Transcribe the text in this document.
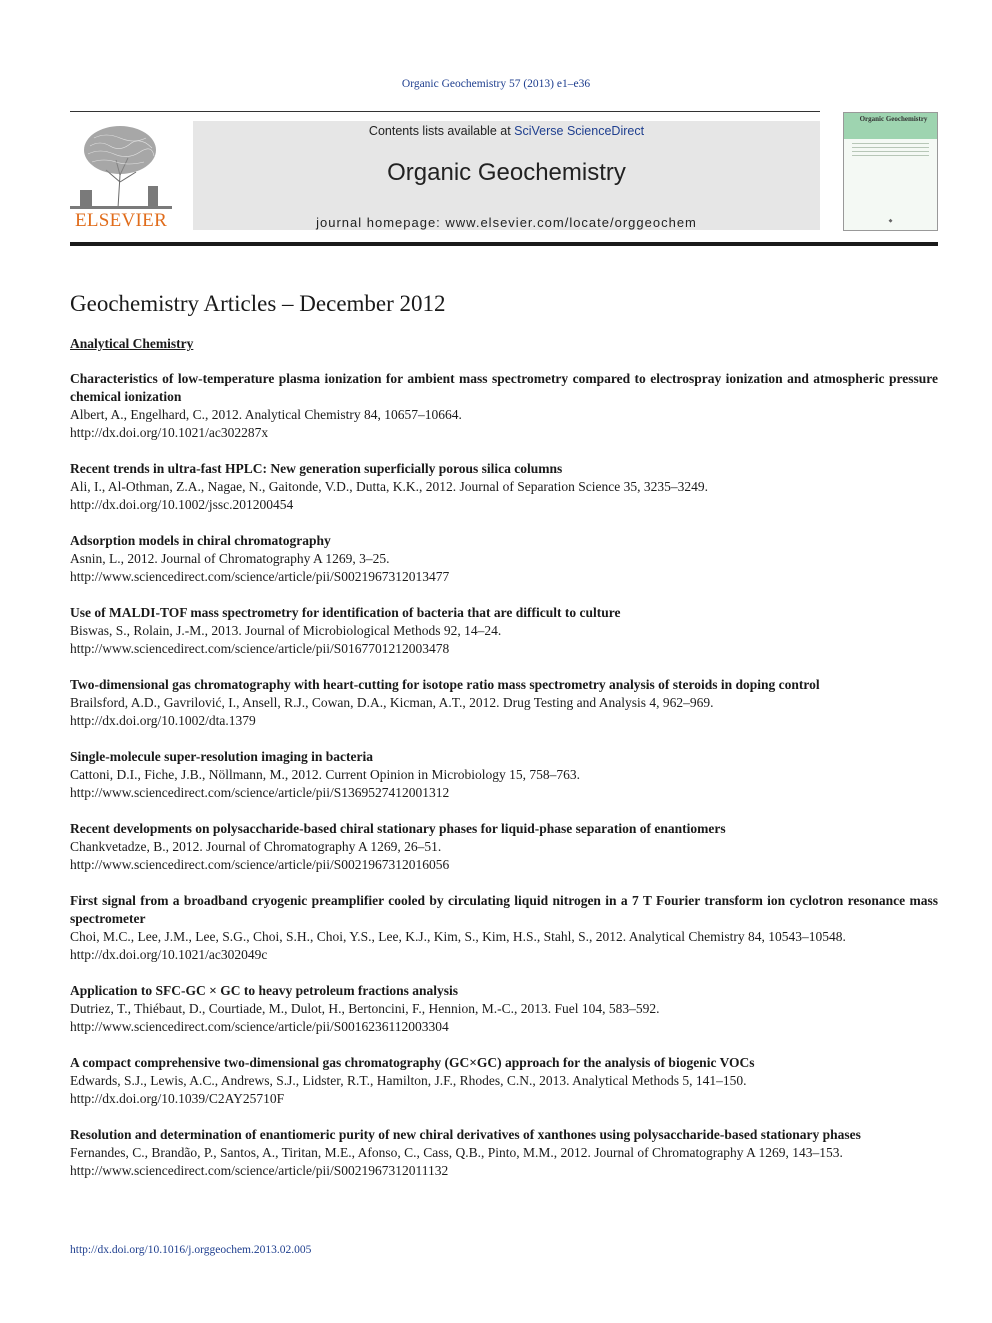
Organic Geochemistry 57 (2013) e1–e36
ELSEVIER
Contents lists available at SciVerse ScienceDirect
Organic Geochemistry
journal homepage: www.elsevier.com/locate/orggeochem
Organic Geochemistry
◆
Geochemistry Articles – December 2012
Analytical Chemistry
Characteristics of low-temperature plasma ionization for ambient mass spectrometry compared to electrospray ionization and atmospheric pressure chemical ionization
Albert, A., Engelhard, C., 2012. Analytical Chemistry 84, 10657–10664.
http://dx.doi.org/10.1021/ac302287x
Recent trends in ultra-fast HPLC: New generation superficially porous silica columns
Ali, I., Al-Othman, Z.A., Nagae, N., Gaitonde, V.D., Dutta, K.K., 2012. Journal of Separation Science 35, 3235–3249.
http://dx.doi.org/10.1002/jssc.201200454
Adsorption models in chiral chromatography
Asnin, L., 2012. Journal of Chromatography A 1269, 3–25.
http://www.sciencedirect.com/science/article/pii/S0021967312013477
Use of MALDI-TOF mass spectrometry for identification of bacteria that are difficult to culture
Biswas, S., Rolain, J.-M., 2013. Journal of Microbiological Methods 92, 14–24.
http://www.sciencedirect.com/science/article/pii/S0167701212003478
Two-dimensional gas chromatography with heart-cutting for isotope ratio mass spectrometry analysis of steroids in doping control
Brailsford, A.D., Gavrilović, I., Ansell, R.J., Cowan, D.A., Kicman, A.T., 2012. Drug Testing and Analysis 4, 962–969.
http://dx.doi.org/10.1002/dta.1379
Single-molecule super-resolution imaging in bacteria
Cattoni, D.I., Fiche, J.B., Nöllmann, M., 2012. Current Opinion in Microbiology 15, 758–763.
http://www.sciencedirect.com/science/article/pii/S1369527412001312
Recent developments on polysaccharide-based chiral stationary phases for liquid-phase separation of enantiomers
Chankvetadze, B., 2012. Journal of Chromatography A 1269, 26–51.
http://www.sciencedirect.com/science/article/pii/S0021967312016056
First signal from a broadband cryogenic preamplifier cooled by circulating liquid nitrogen in a 7 T Fourier transform ion cyclotron resonance mass spectrometer
Choi, M.C., Lee, J.M., Lee, S.G., Choi, S.H., Choi, Y.S., Lee, K.J., Kim, S., Kim, H.S., Stahl, S., 2012. Analytical Chemistry 84, 10543–10548.
http://dx.doi.org/10.1021/ac302049c
Application to SFC-GC × GC to heavy petroleum fractions analysis
Dutriez, T., Thiébaut, D., Courtiade, M., Dulot, H., Bertoncini, F., Hennion, M.-C., 2013. Fuel 104, 583–592.
http://www.sciencedirect.com/science/article/pii/S0016236112003304
A compact comprehensive two-dimensional gas chromatography (GC×GC) approach for the analysis of biogenic VOCs
Edwards, S.J., Lewis, A.C., Andrews, S.J., Lidster, R.T., Hamilton, J.F., Rhodes, C.N., 2013. Analytical Methods 5, 141–150.
http://dx.doi.org/10.1039/C2AY25710F
Resolution and determination of enantiomeric purity of new chiral derivatives of xanthones using polysaccharide-based stationary phases
Fernandes, C., Brandão, P., Santos, A., Tiritan, M.E., Afonso, C., Cass, Q.B., Pinto, M.M., 2012. Journal of Chromatography A 1269, 143–153.
http://www.sciencedirect.com/science/article/pii/S0021967312011132
http://dx.doi.org/10.1016/j.orggeochem.2013.02.005
